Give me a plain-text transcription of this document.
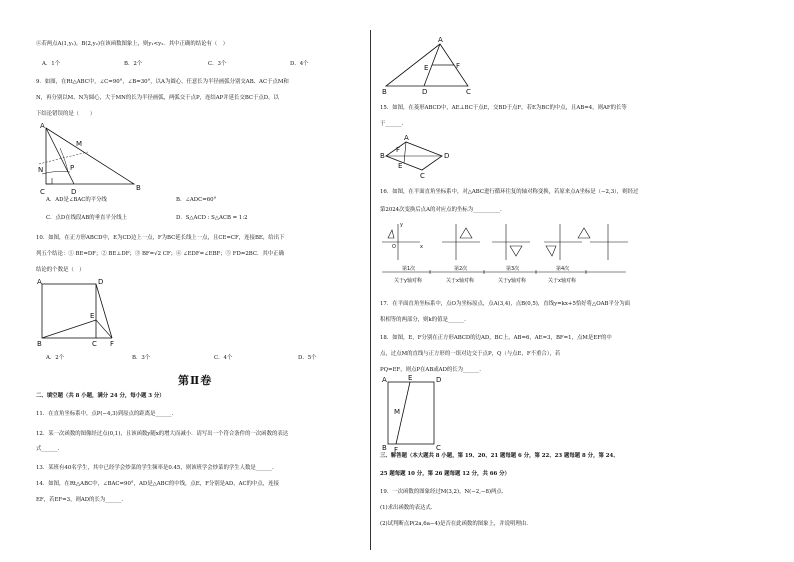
④若两点A(1,y₁)，B(2,y₂)在该函数图象上，则y₁<y₂．其中正确的结论有（　）
A．1个	B．2个	C．3个	D．4个
9．如图，在Rt△ABC中，∠C=90°，∠B=30°，以A为圆心，任意长为半径画弧分别交AB、AC于点M和
N，再分别以M、N为圆心，大于MN的长为半径画弧，两弧交于点P，连结AP并延长交BC于点D，以
下结论错误的是（　　）
A
M
N	P
C	D	B
A．AD是∠BAC的平分线	B．∠ADC=60°
C．点D在线段AB的垂直平分线上	D．S△ACD : S△ACB = 1:2
10．如图，在正方形ABCD中，E为CD边上一点，F为BC延长线上一点，且CE=CF，连接BE，给出下
列五个结论：① BE=DF；② BE⊥DF；③ BF=√2 CF；④ ∠EDF=∠EBF；⑤ FD=2BC．其中正确
结论的个数是（　）
A	D
E
B	C F
A．2个	B．3个	C．4个	D．5个
第Ⅱ卷
二、填空题（共 8 小题，满分 24 分，每小题 3 分）
11．在直角坐标系中，点P(−4,3)到原点的距离是______.
12．某一次函数的图像经过点(0,1)，且该函数y随x的增大而减小．请写出一个符合条件的一次函数的表达
式______.
13．某班有40名学生，其中已经学会炒菜的学生频率是0.45，则该班学会炒菜的学生人数是______.
14．如图，在Rt△ABC中，∠BAC=90°，AD是△ABC的中线，点E，F分别是AD，AC的中点，连接
EF，若EF=3，则AD的长为______.
A
E	F
B	D	C
15．如图，在菱形ABCD中，AE⊥BC于点E，交BD于点F，若E为BC的中点，且AB=4，则AF的长等
于______.
A
B
C
D
E
F
16．如图，在平面直角坐标系中，对△ABC进行循环往复的轴对称变换，若原来点A坐标是（−2,3），则经过
第2024次变换后点A的对应点的坐标为__________.
y
x
O
第1次	第2次	第3次	第4次
关于y轴对称	关于x轴对称	关于y轴对称	关于x轴对称
17．在平面直角坐标系中，点O为坐标原点，点A(3,4)，点B(0,5)，直线y=kx+5恰好将△OAB平分为面
积相等的两部分，则k的值是______.
18．如图，E，F分别在正方形ABCD的边AD，BC上，AB=6，AE=3，BF=1，点M是EF的中
点，过点M的直线与正方形的一组对边交于点P，Q（与点E，F不重合），若
PQ=EF，则点P在AB或AD的长为______.
A	E	D
M
B F	C
三、解答题（本大题共 8 小题，第 19、20、21 题每题 6 分，第 22、23 题每题 8 分，第 24、
25 题每题 10 分，第 26 题每题 12 分，共 66 分）
19．一次函数的图象经过M(3,2)，N(−2,−8)两点.
(1)求出函数的表达式.
(2)试判断点P(2a,6a−4)是否在此函数的图象上，并说明理由.
